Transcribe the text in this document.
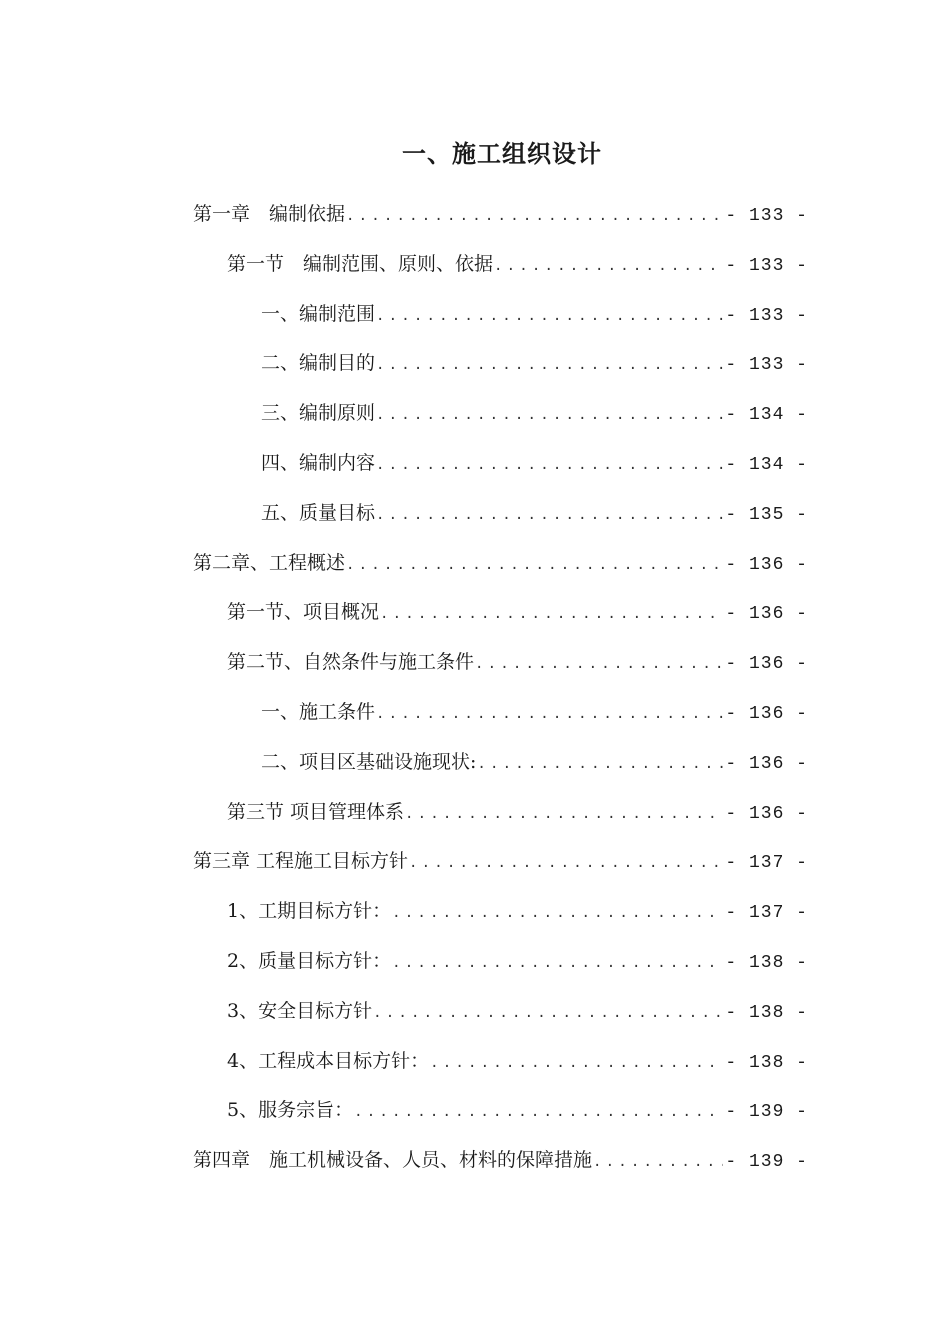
一、施工组织设计
第一章　编制依据 .....	- 133 -
第一节　编制范围、原则、依据 .....	- 133 -
一、编制范围 .....	- 133 -
二、编制目的 .....	- 133 -
三、编制原则 .....	- 134 -
四、编制内容 .....	- 134 -
五、质量目标 .....	- 135 -
第二章、工程概述 .....	- 136 -
第一节、项目概况 .....	- 136 -
第二节、自然条件与施工条件 .....	- 136 -
一、施工条件 .....	- 136 -
二、项目区基础设施现状: .....	- 136 -
第三节 项目管理体系 .....	- 136 -
第三章 工程施工目标方针 .....	- 137 -
1、工期目标方针： .....	- 137 -
2、质量目标方针： .....	- 138 -
3、安全目标方针 .....	- 138 -
4、工程成本目标方针： .....	- 138 -
5、服务宗旨： .....	- 139 -
第四章　施工机械设备、人员、材料的保障措施 .....	- 139 -
